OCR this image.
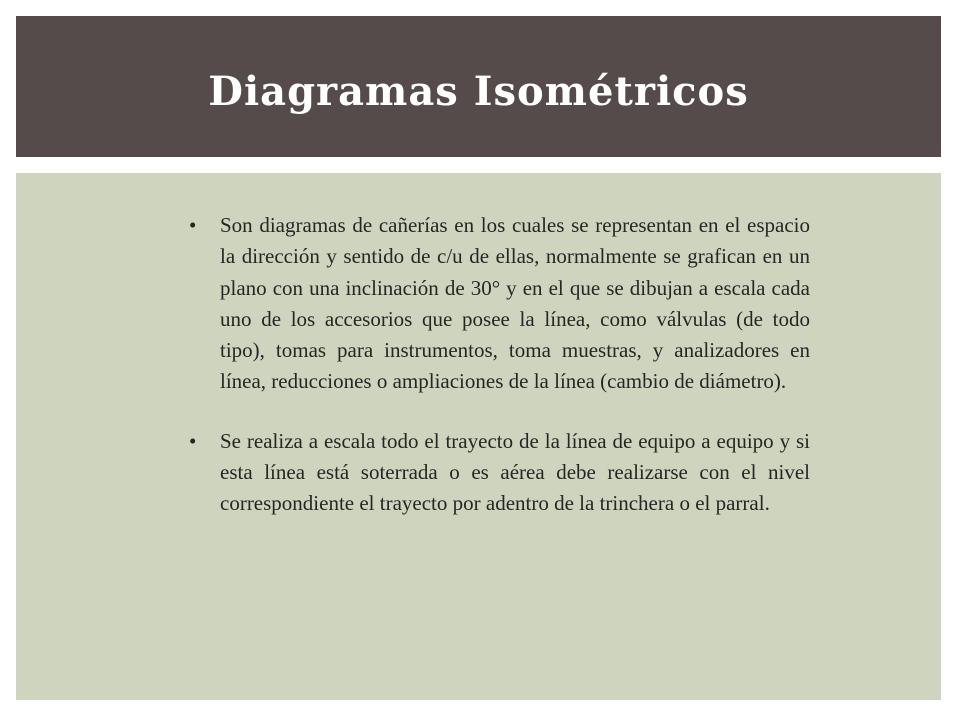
Diagramas Isométricos
• Son diagramas de cañerías en los cuales se representan en el espacio la dirección y sentido de c/u de ellas, normalmente se grafican en un plano con una inclinación de 30° y en el que se dibujan a escala cada uno de los accesorios que posee la línea, como válvulas (de todo tipo), tomas para instrumentos, toma muestras, y analizadores en línea, reducciones o ampliaciones de la línea (cambio de diámetro).
• Se realiza a escala todo el trayecto de la línea de equipo a equipo y si esta línea está soterrada o es aérea debe realizarse con el nivel correspondiente el trayecto por adentro de la trinchera o el parral.
